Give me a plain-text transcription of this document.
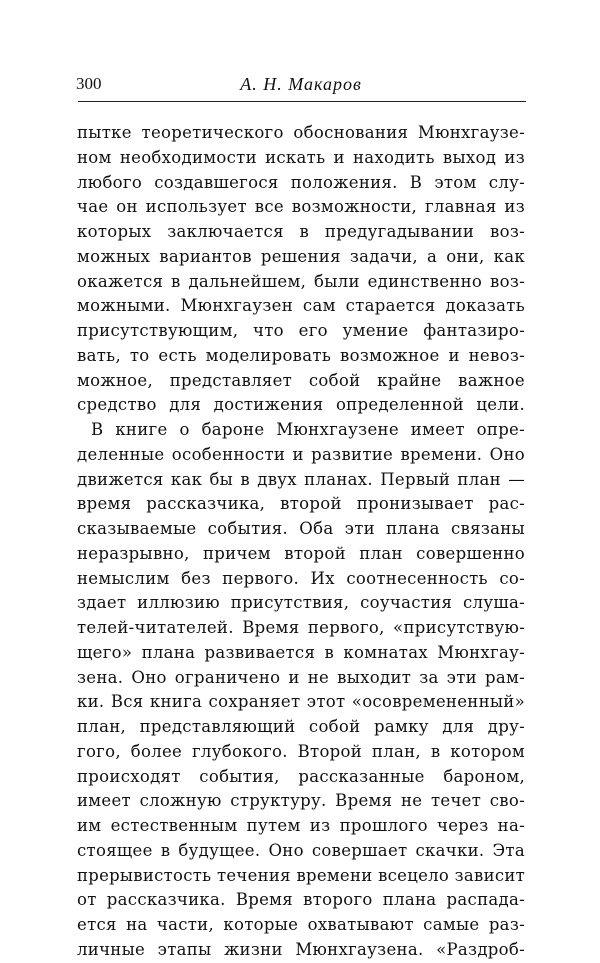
300	А. Н. Макаров
пытке теоретического обоснования Мюнхгаузе-
ном необходимости искать и находить выход из
любого создавшегося положения. В этом слу-
чае он использует все возможности, главная из
которых заключается в предугадывании воз-
можных вариантов решения задачи, а они, как
окажется в дальнейшем, были единственно воз-
можными. Мюнхгаузен сам старается доказать
присутствующим, что его умение фантазиро-
вать, то есть моделировать возможное и невоз-
можное, представляет собой крайне важное
средство для достижения определенной цели.
В книге о бароне Мюнхгаузене имеет опре-
деленные особенности и развитие времени. Оно
движется как бы в двух планах. Первый план —
время рассказчика, второй пронизывает рас-
сказываемые события. Оба эти плана связаны
неразрывно, причем второй план совершенно
немыслим без первого. Их соотнесенность со-
здает иллюзию присутствия, соучастия слуша-
телей-читателей. Время первого, «присутствую-
щего» плана развивается в комнатах Мюнхгау-
зена. Оно ограничено и не выходит за эти рам-
ки. Вся книга сохраняет этот «осовремененный»
план, представляющий собой рамку для дру-
гого, более глубокого. Второй план, в котором
происходят события, рассказанные бароном,
имеет сложную структуру. Время не течет сво-
им естественным путем из прошлого через на-
стоящее в будущее. Оно совершает скачки. Эта
прерывистость течения времени всецело зависит
от рассказчика. Время второго плана распада-
ется на части, которые охватывают самые раз-
личные этапы жизни Мюнхгаузена. «Раздроб-
